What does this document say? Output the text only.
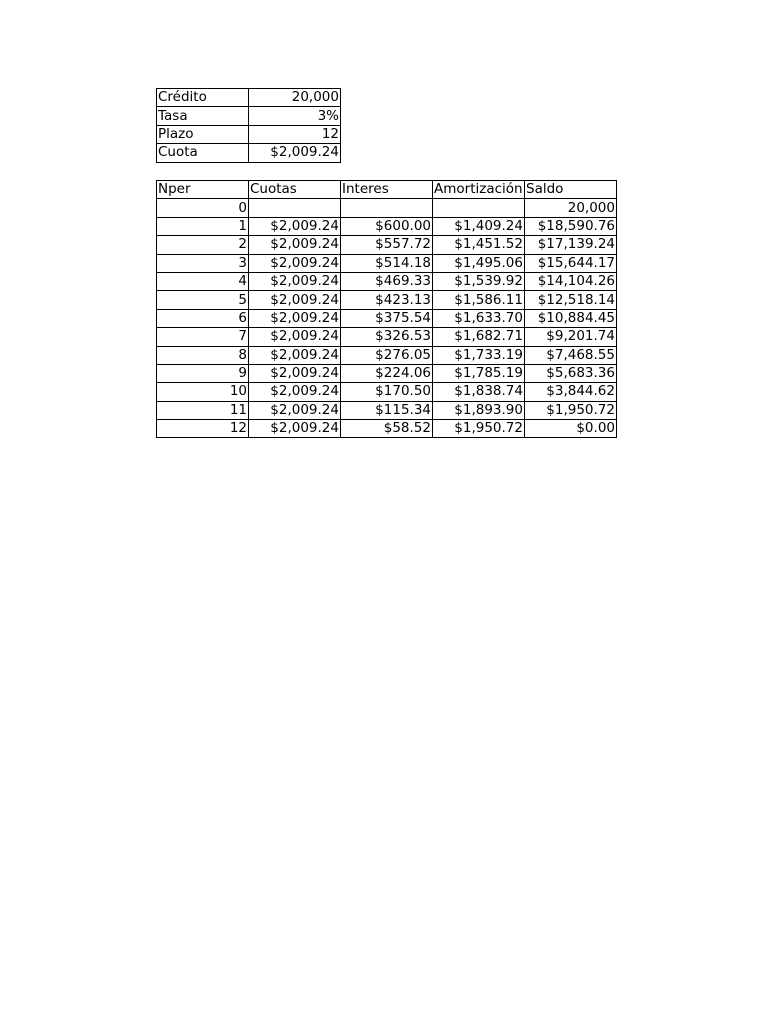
Crédito	20,000
Tasa	3%
Plazo	12
Cuota	$2,009.24
Nper	Cuotas	Interes	Amortización	Saldo
0				20,000
1	$2,009.24	$600.00	$1,409.24	$18,590.76
2	$2,009.24	$557.72	$1,451.52	$17,139.24
3	$2,009.24	$514.18	$1,495.06	$15,644.17
4	$2,009.24	$469.33	$1,539.92	$14,104.26
5	$2,009.24	$423.13	$1,586.11	$12,518.14
6	$2,009.24	$375.54	$1,633.70	$10,884.45
7	$2,009.24	$326.53	$1,682.71	$9,201.74
8	$2,009.24	$276.05	$1,733.19	$7,468.55
9	$2,009.24	$224.06	$1,785.19	$5,683.36
10	$2,009.24	$170.50	$1,838.74	$3,844.62
11	$2,009.24	$115.34	$1,893.90	$1,950.72
12	$2,009.24	$58.52	$1,950.72	$0.00
